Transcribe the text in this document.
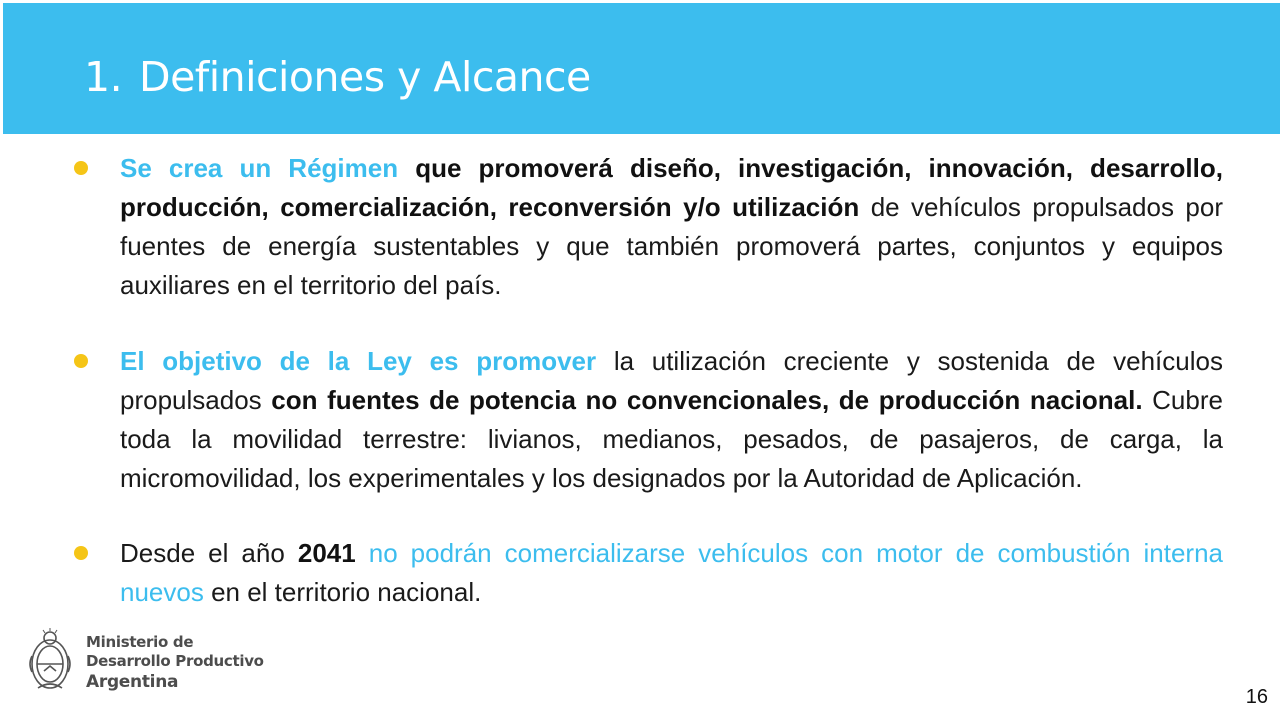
1. Definiciones y Alcance
Se crea un Régimen que promoverá diseño, investigación, innovación, desarrollo, producción, comercialización, reconversión y/o utilización de vehículos propulsados por fuentes de energía sustentables y que también promoverá partes, conjuntos y equipos auxiliares en el territorio del país.
El objetivo de la Ley es promover la utilización creciente y sostenida de vehículos propulsados con fuentes de potencia no convencionales, de producción nacional. Cubre toda la movilidad terrestre: livianos, medianos, pesados, de pasajeros, de carga, la micromovilidad, los experimentales y los designados por la Autoridad de Aplicación.
Desde el año 2041 no podrán comercializarse vehículos con motor de combustión interna nuevos en el territorio nacional.
Ministerio de
Desarrollo Productivo
Argentina
16
